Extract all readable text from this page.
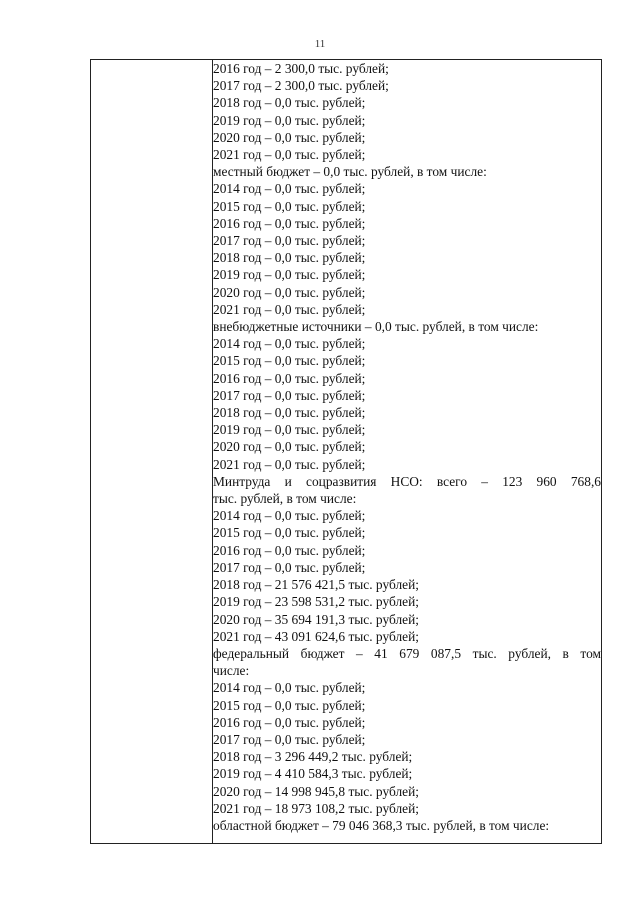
11

2016 год – 2 300,0 тыс. рублей;
2017 год – 2 300,0 тыс. рублей;
2018 год – 0,0 тыс. рублей;
2019 год – 0,0 тыс. рублей;
2020 год – 0,0 тыс. рублей;
2021 год – 0,0 тыс. рублей;
местный бюджет – 0,0 тыс. рублей, в том числе:
2014 год – 0,0 тыс. рублей;
2015 год – 0,0 тыс. рублей;
2016 год – 0,0 тыс. рублей;
2017 год – 0,0 тыс. рублей;
2018 год – 0,0 тыс. рублей;
2019 год – 0,0 тыс. рублей;
2020 год – 0,0 тыс. рублей;
2021 год – 0,0 тыс. рублей;
внебюджетные источники – 0,0 тыс. рублей, в том числе:
2014 год – 0,0 тыс. рублей;
2015 год – 0,0 тыс. рублей;
2016 год – 0,0 тыс. рублей;
2017 год – 0,0 тыс. рублей;
2018 год – 0,0 тыс. рублей;
2019 год – 0,0 тыс. рублей;
2020 год – 0,0 тыс. рублей;
2021 год – 0,0 тыс. рублей;
Минтруда и соцразвития НСО: всего – 123 960 768,6
тыс. рублей, в том числе:
2014 год – 0,0 тыс. рублей;
2015 год – 0,0 тыс. рублей;
2016 год – 0,0 тыс. рублей;
2017 год – 0,0 тыс. рублей;
2018 год – 21 576 421,5 тыс. рублей;
2019 год – 23 598 531,2 тыс. рублей;
2020 год – 35 694 191,3 тыс. рублей;
2021 год – 43 091 624,6 тыс. рублей;
федеральный бюджет – 41 679 087,5 тыс. рублей, в том
числе:
2014 год – 0,0 тыс. рублей;
2015 год – 0,0 тыс. рублей;
2016 год – 0,0 тыс. рублей;
2017 год – 0,0 тыс. рублей;
2018 год – 3 296 449,2 тыс. рублей;
2019 год – 4 410 584,3 тыс. рублей;
2020 год – 14 998 945,8 тыс. рублей;
2021 год – 18 973 108,2 тыс. рублей;
областной бюджет – 79 046 368,3 тыс. рублей, в том числе:
